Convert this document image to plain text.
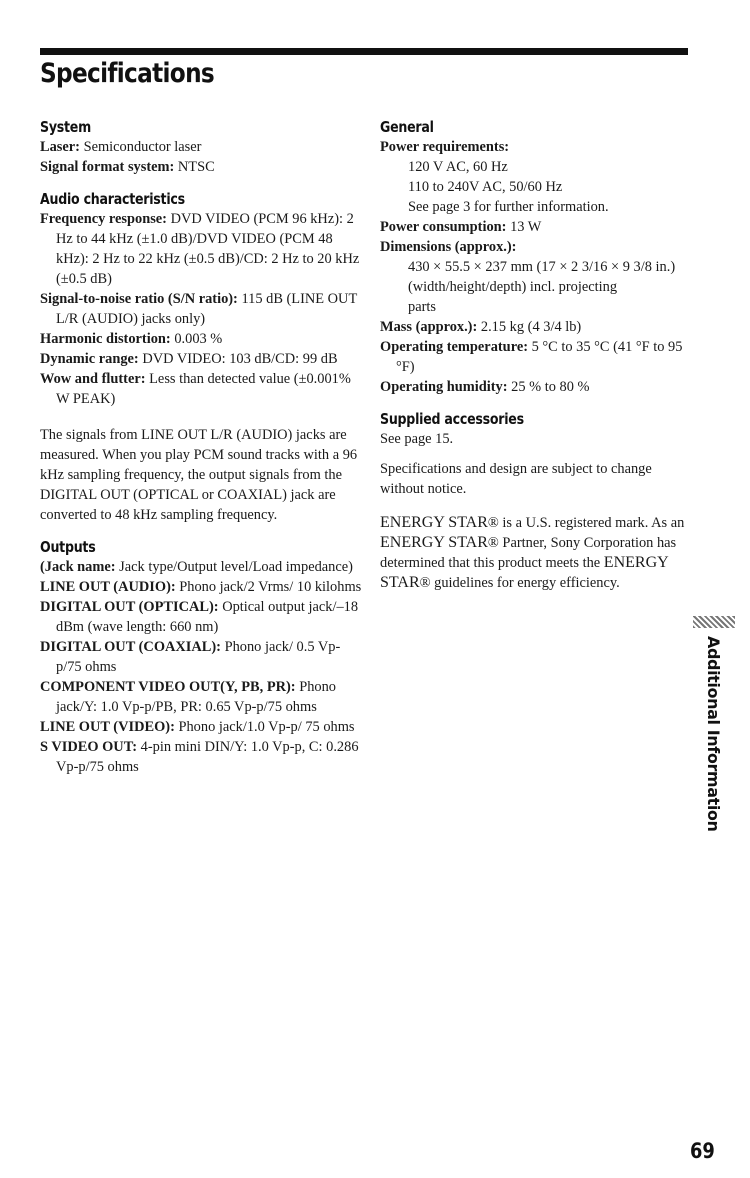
Specifications
System

Laser: Semiconductor laser

Signal format system: NTSC

Audio characteristics

Frequency response: DVD VIDEO (PCM 96 kHz): 2 Hz to 44 kHz (±1.0 dB)/DVD VIDEO (PCM 48 kHz): 2 Hz to 22 kHz (±0.5 dB)/CD: 2 Hz to 20 kHz (±0.5 dB)

Signal-to-noise ratio (S/N ratio): 115 dB (LINE OUT L/R (AUDIO) jacks only)

Harmonic distortion: 0.003 %

Dynamic range: DVD VIDEO: 103 dB/CD: 99 dB

Wow and flutter: Less than detected value (±0.001% W PEAK)

The signals from LINE OUT L/R (AUDIO) jacks are measured. When you play PCM sound tracks with a 96 kHz sampling frequency, the output signals from the DIGITAL OUT (OPTICAL or COAXIAL) jack are converted to 48 kHz sampling frequency.

Outputs

(Jack name: Jack type/Output level/Load impedance)

LINE OUT (AUDIO): Phono jack/2 Vrms/ 10 kilohms

DIGITAL OUT (OPTICAL): Optical output jack/–18 dBm (wave length: 660 nm)

DIGITAL OUT (COAXIAL): Phono jack/ 0.5 Vp-p/75 ohms

COMPONENT VIDEO OUT(Y, PB, PR): Phono jack/Y: 1.0 Vp-p/PB, PR: 0.65 Vp-p/75 ohms

LINE OUT (VIDEO): Phono jack/1.0 Vp-p/ 75 ohms

S VIDEO OUT: 4-pin mini DIN/Y: 1.0 Vp-p, C: 0.286 Vp-p/75 ohms

General

Power requirements:

120 V AC, 60 Hz

110 to 240V AC, 50/60 Hz

See page 3 for further information.

Power consumption: 13 W

Dimensions (approx.):

430 × 55.5 × 237 mm (17 × 2 3/16 × 9 3/8 in.)

(width/height/depth) incl. projecting

parts

Mass (approx.): 2.15 kg (4 3/4 lb)

Operating temperature: 5 °C to 35 °C (41 °F to 95 °F)

Operating humidity: 25 % to 80 %

Supplied accessories

See page 15.

Specifications and design are subject to change without notice.

ENERGY STAR® is a U.S. registered mark. As an ENERGY STAR® Partner, Sony Corporation has determined that this product meets the ENERGY STAR® guidelines for energy efficiency.

Additional Information
69
